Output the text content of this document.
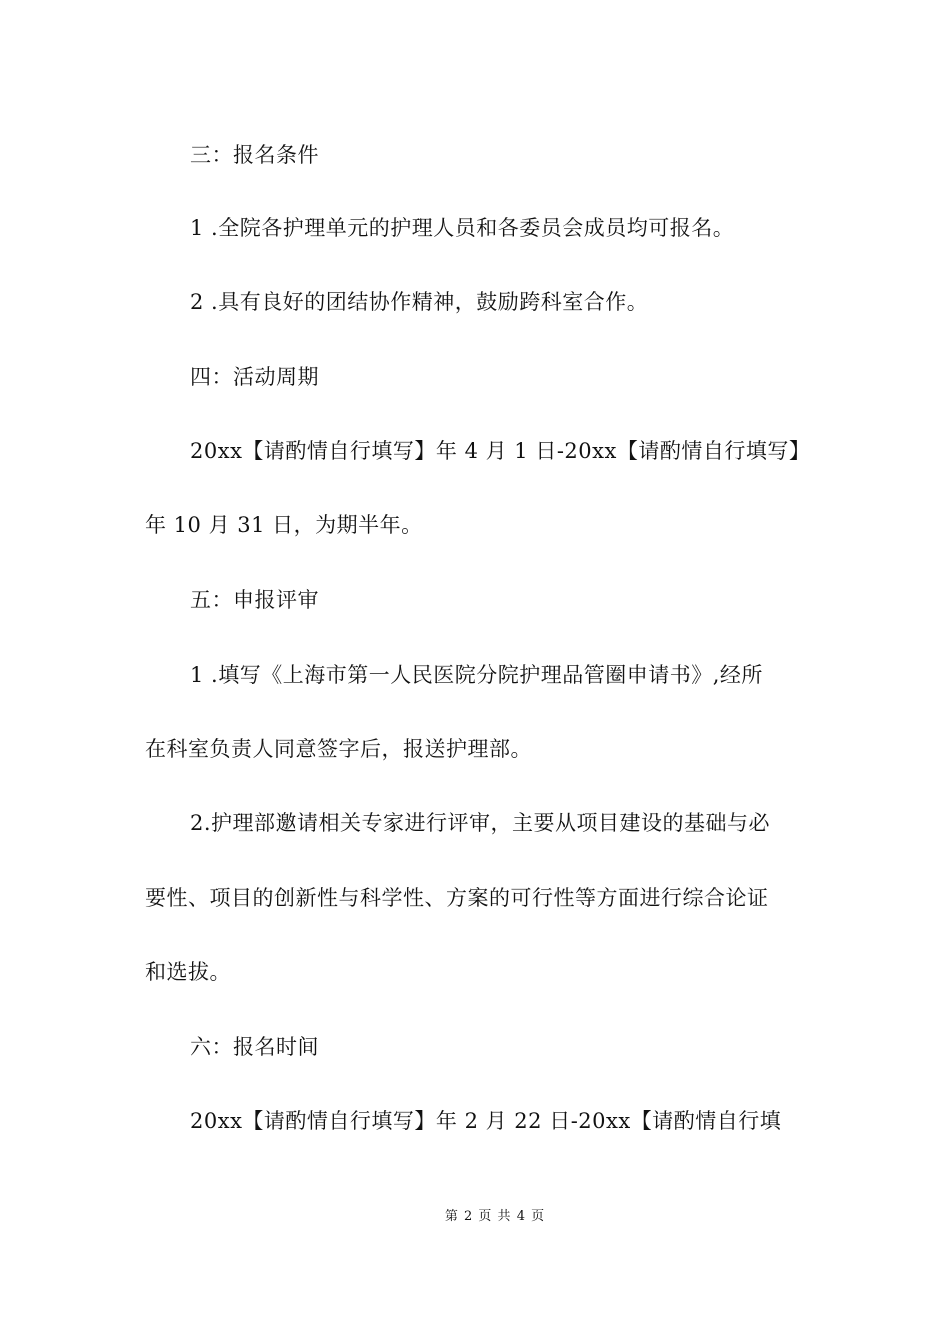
三：报名条件
1 .全院各护理单元的护理人员和各委员会成员均可报名。
2 .具有良好的团结协作精神，鼓励跨科室合作。
四：活动周期
20xx【请酌情自行填写】年 4 月 1 日-20xx【请酌情自行填写】
年 10 月 31 日，为期半年。
五：申报评审
1 .填写《上海市第一人民医院分院护理品管圈申请书》,经所
在科室负责人同意签字后，报送护理部。
2.护理部邀请相关专家进行评审，主要从项目建设的基础与必
要性、项目的创新性与科学性、方案的可行性等方面进行综合论证
和选拔。
六：报名时间
20xx【请酌情自行填写】年 2 月 22 日-20xx【请酌情自行填
第 2 页 共 4 页
